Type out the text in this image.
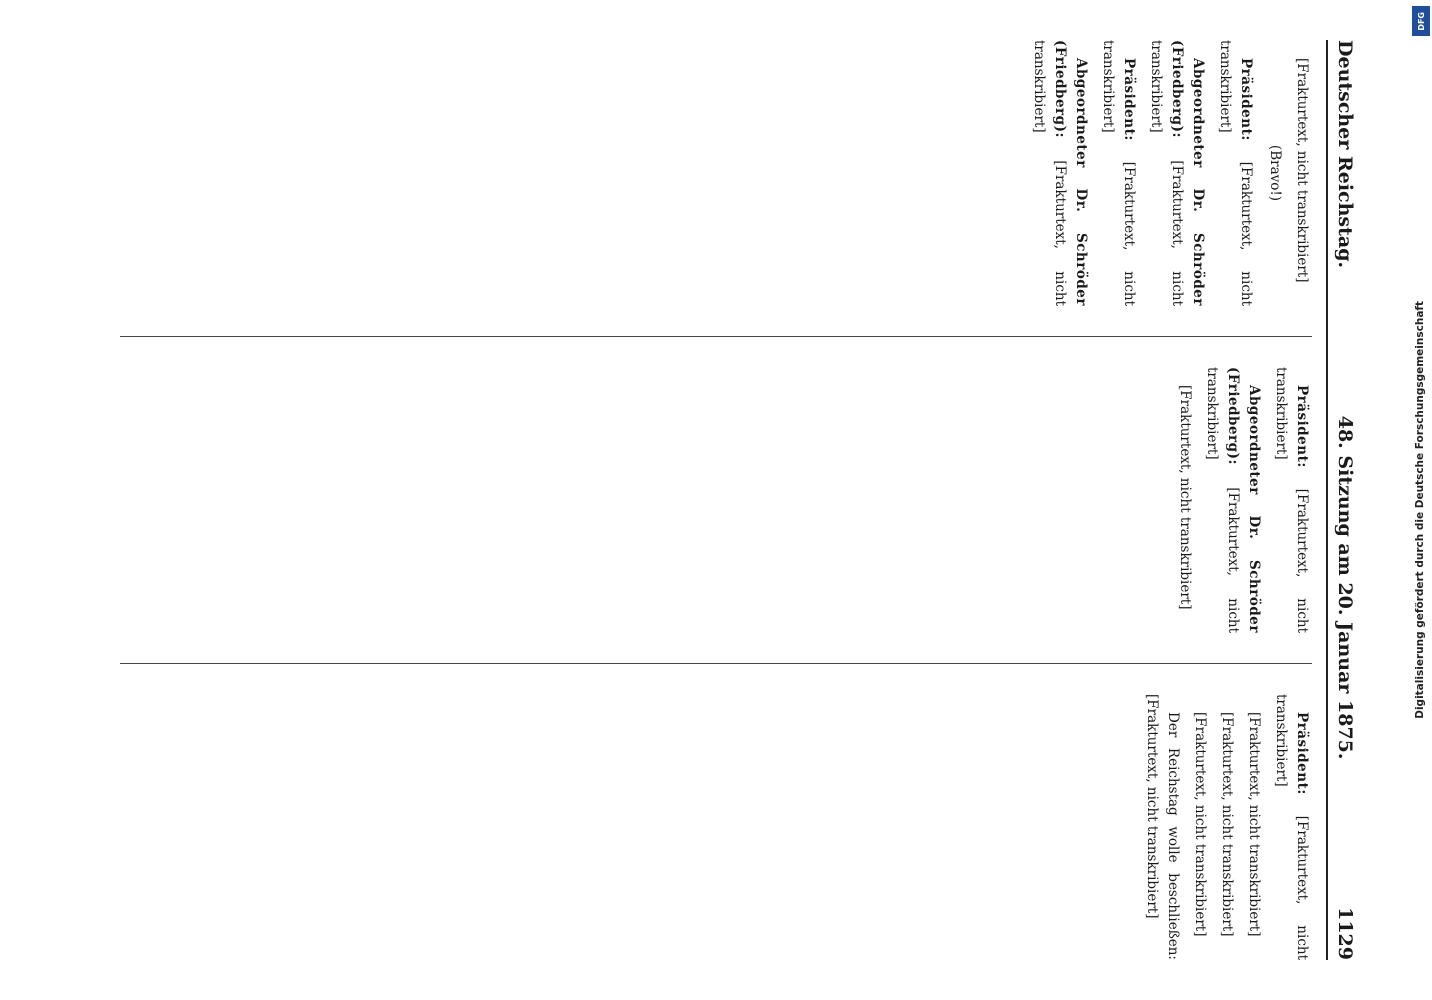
Deutscher Reichstag.
48. Sitzung am 20. Januar 1875.
1129

[Frakturtext, nicht transkribiert]

(Bravo!)

Präsident: [Frakturtext, nicht transkribiert]

Abgeordneter Dr. Schröder (Friedberg): [Frakturtext, nicht transkribiert]

Präsident: [Frakturtext, nicht transkribiert]

Abgeordneter Dr. Schröder (Friedberg): [Frakturtext, nicht transkribiert]

Präsident: [Frakturtext, nicht transkribiert]

Abgeordneter Dr. Schröder (Friedberg): [Frakturtext, nicht transkribiert]

[Frakturtext, nicht transkribiert]

Präsident: [Frakturtext, nicht transkribiert]

[Frakturtext, nicht transkribiert]

[Frakturtext, nicht transkribiert]

[Frakturtext, nicht transkribiert]

Der Reichstag wolle beschließen: [Frakturtext, nicht transkribiert]

Digitalisierung gefördert durch die Deutsche Forschungsgemeinschaft
DFG
